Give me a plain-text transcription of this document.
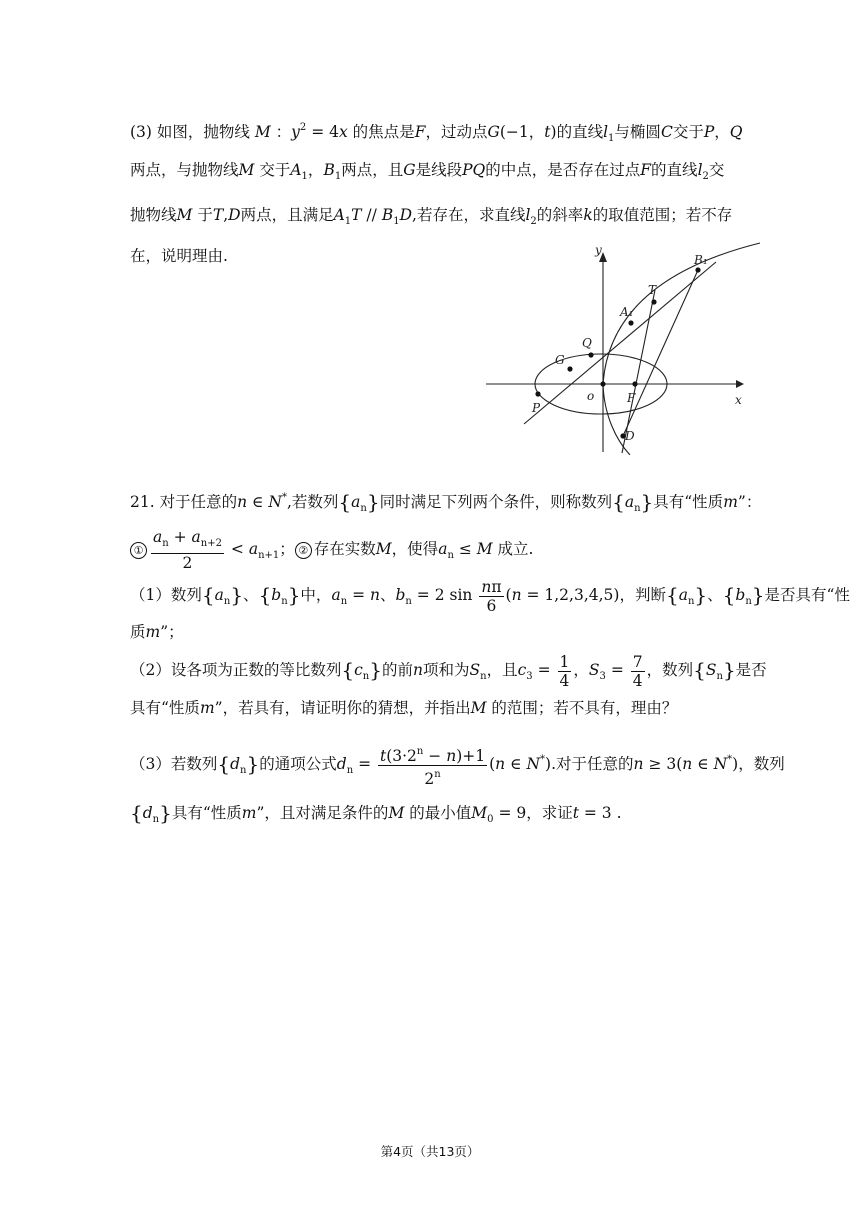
(3) 如图，抛物线 M ：$y^2 = 4x$ 的焦点是F，过动点G(−1，t)的直线$l_1$与椭圆C交于P，Q
两点，与抛物线M 交于$A_1$，$B_1$两点，且G是线段PQ的中点，是否存在过点F的直线$l_2$交
抛物线M 于T,D两点，且满足$A_1T // B_1D$,若存在，求直线$l_2$的斜率k的取值范围；若不存
在，说明理由.	y
x
o
B₁
T
A₁
Q
G
P
F
D
21. 对于任意的n ∈ N*,若数列$\{a_n\}$同时满足下列两个条件，则称数列$\{a_n\}$具有“性质m”：
① $\frac{a_n + a_{n+2}}{2} < a_{n+1}$； ② 存在实数M，使得$a_n \le M$ 成立.
（1）数列$\{a_n\}$、$\{b_n\}$中，$a_n = n$、$b_n = 2$ $\sin \frac{n\pi}{6} (n = 1,2,3,4,5)$，判断$\{a_n\}$、$\{b_n\}$是否具有“性
质m”；
（2）设各项为正数的等比数列$\{c_n\}$的前n项和为$S_n$，且$c_3 = \frac{1}{4}$ ，$S_3 = \frac{7}{4}$ ，数列$\{S_n\}$是否
具有“性质m”，若具有，请证明你的猜想，并指出M 的范围；若不具有，理由？
（3）若数列$\{d_n\}$的通项公式$d_n = \frac{t(3\cdot 2^n - n)+1}{2^n} (n$ ∈ N*).对于任意的n ≥ 3(n ∈ N*)，数列
$\{d_n\}$具有“性质m”，且对满足条件的M 的最小值$M_0 = 9$，求证t = 3 .
第4页（共13页）
